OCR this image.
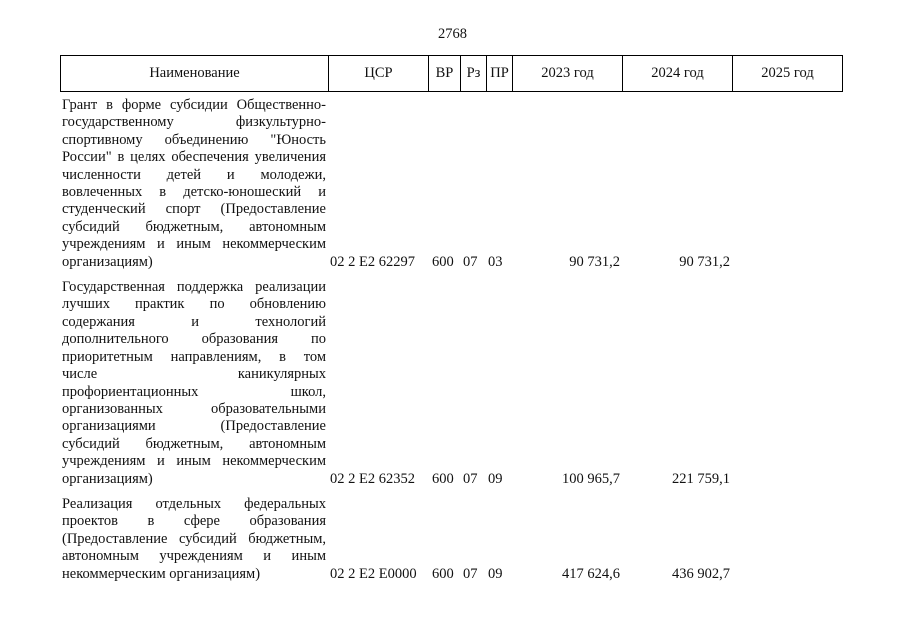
2768
Наименование	ЦСР	ВР Рз ПР	2023 год	2024 год	2025 год
Грант в форме субсидии Общественно-
государственному физкультурно-
спортивному объединению "Юность
России" в целях обеспечения увеличения
численности детей и молодежи,
вовлеченных в детско-юношеский и
студенческий спорт (Предоставление
субсидий бюджетным, автономным
учреждениям и иным некоммерческим
организациям)	02 2 E2 62297	600 07 03	90 731,2	90 731,2
Государственная поддержка реализации
лучших практик по обновлению
содержания и технологий
дополнительного образования по
приоритетным направлениям, в том
числе каникулярных
профориентационных школ,
организованных образовательными
организациями (Предоставление
субсидий бюджетным, автономным
учреждениям и иным некоммерческим
организациям)	02 2 E2 62352	600 07 09	100 965,7	221 759,1
Реализация отдельных федеральных
проектов в сфере образования
(Предоставление субсидий бюджетным,
автономным учреждениям и иным
некоммерческим организациям)	02 2 E2 E0000	600 07 09	417 624,6	436 902,7
